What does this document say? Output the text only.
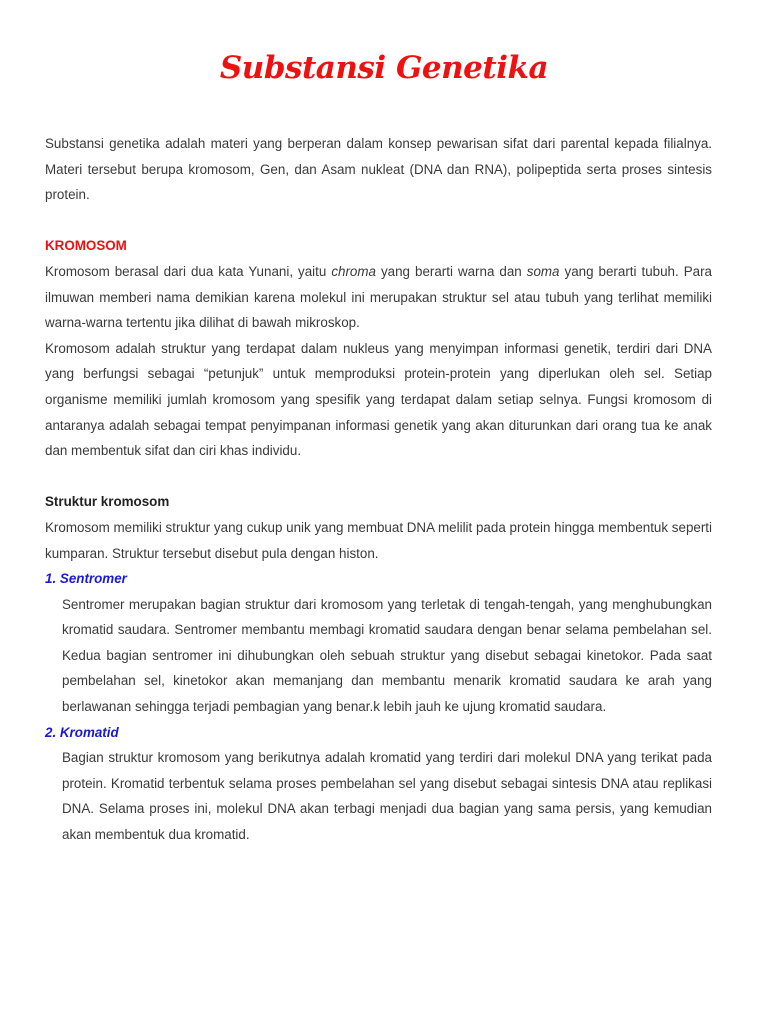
Substansi Genetika

Substansi genetika adalah materi yang berperan dalam konsep pewarisan sifat dari parental kepada filialnya. Materi tersebut berupa kromosom, Gen, dan Asam nukleat (DNA dan RNA), polipeptida serta proses sintesis protein.

KROMOSOM

Kromosom berasal dari dua kata Yunani, yaitu chroma yang berarti warna dan soma yang berarti tubuh. Para ilmuwan memberi nama demikian karena molekul ini merupakan struktur sel atau tubuh yang terlihat memiliki warna-warna tertentu jika dilihat di bawah mikroskop.

Kromosom adalah struktur yang terdapat dalam nukleus yang menyimpan informasi genetik, terdiri dari DNA yang berfungsi sebagai “petunjuk” untuk memproduksi protein-protein yang diperlukan oleh sel. Setiap organisme memiliki jumlah kromosom yang spesifik yang terdapat dalam setiap selnya. Fungsi kromosom di antaranya adalah sebagai tempat penyimpanan informasi genetik yang akan diturunkan dari orang tua ke anak dan membentuk sifat dan ciri khas individu.

Struktur kromosom

Kromosom memiliki struktur yang cukup unik yang membuat DNA melilit pada protein hingga membentuk seperti kumparan. Struktur tersebut disebut pula dengan histon.

1. Sentromer

Sentromer merupakan bagian struktur dari kromosom yang terletak di tengah-tengah, yang menghubungkan kromatid saudara. Sentromer membantu membagi kromatid saudara dengan benar selama pembelahan sel. Kedua bagian sentromer ini dihubungkan oleh sebuah struktur yang disebut sebagai kinetokor. Pada saat pembelahan sel, kinetokor akan memanjang dan membantu menarik kromatid saudara ke arah yang berlawanan sehingga terjadi pembagian yang benar.k lebih jauh ke ujung kromatid saudara.

2. Kromatid

Bagian struktur kromosom yang berikutnya adalah kromatid yang terdiri dari molekul DNA yang terikat pada protein. Kromatid terbentuk selama proses pembelahan sel yang disebut sebagai sintesis DNA atau replikasi DNA. Selama proses ini, molekul DNA akan terbagi menjadi dua bagian yang sama persis, yang kemudian akan membentuk dua kromatid.
